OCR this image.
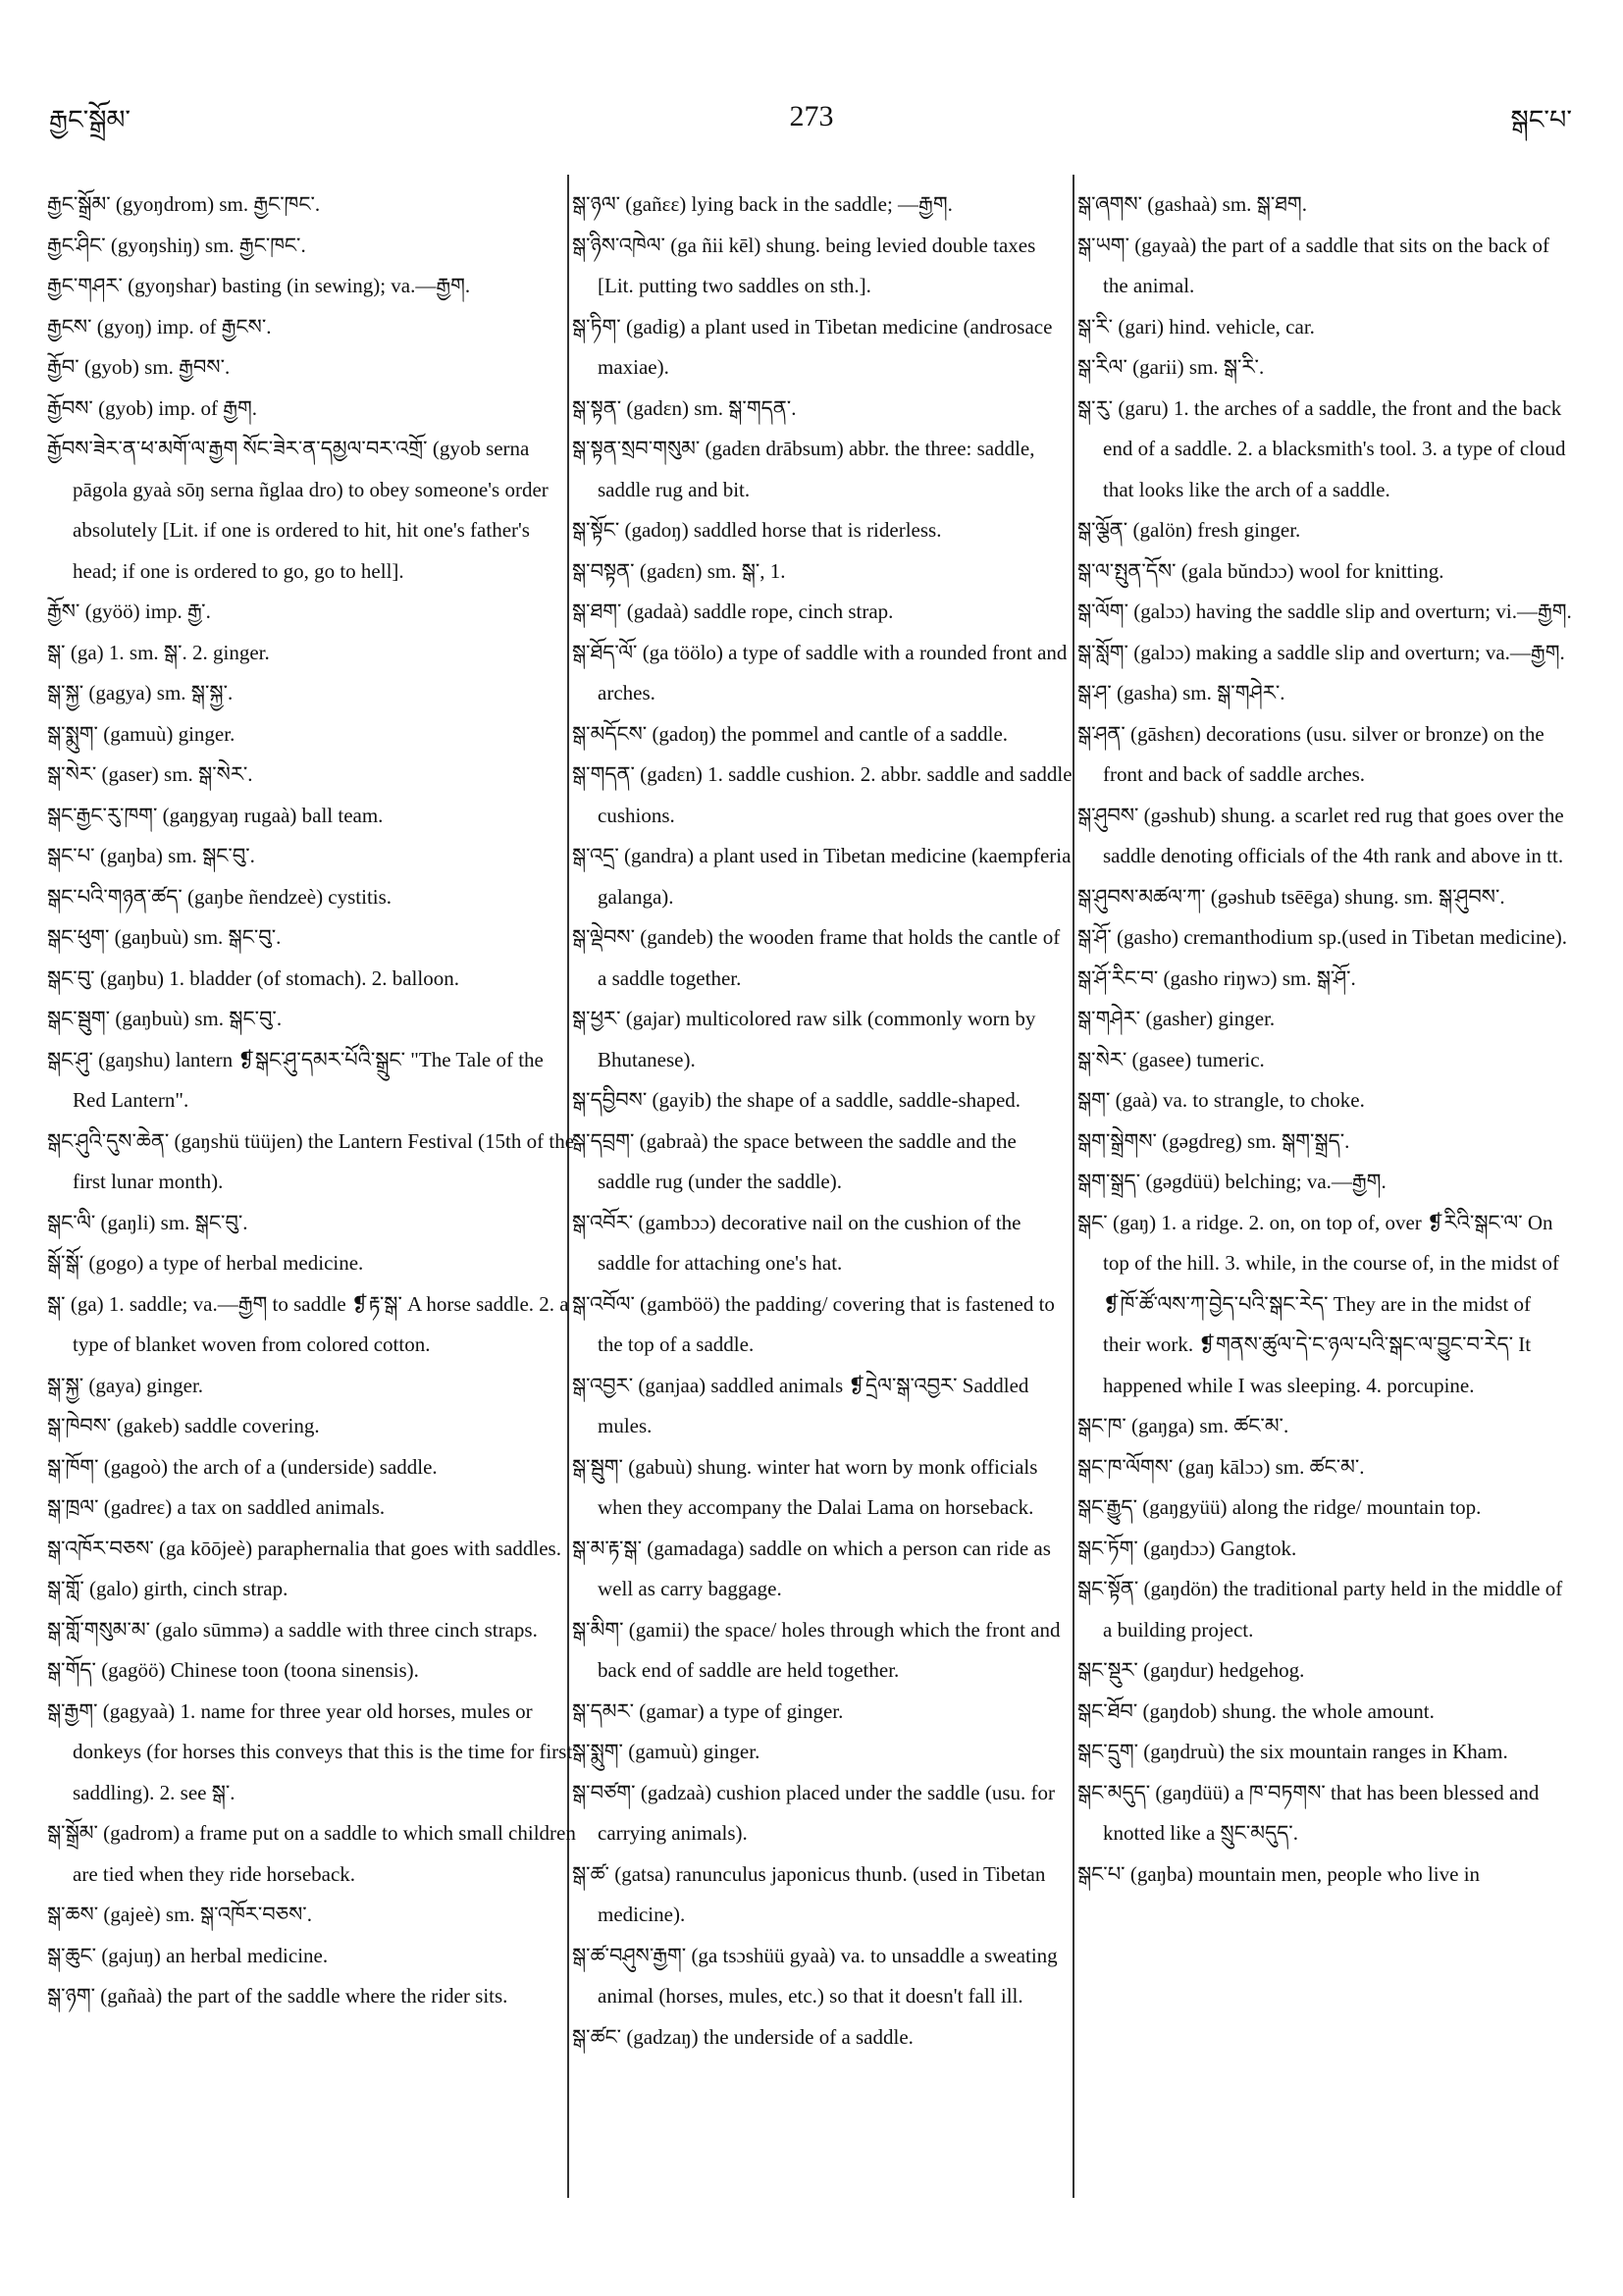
རྒྱང་སྒྲོམ་	273	སྒང་པ་

རྒྱང་སྒྲོམ་ (gyoŋdrom) sm. རྒྱང་ཁང་.

རྒྱང་ཤིང་ (gyoŋshiŋ) sm. རྒྱང་ཁང་.

རྒྱང་གཤར་ (gyoŋshar) basting (in sewing); va.—རྒྱག.

རྒྱངས་ (gyoŋ) imp. of རྒྱངས་.

རྒྱོབ་ (gyob) sm. རྒྱབས་.

རྒྱོབས་ (gyob) imp. of རྒྱག.

རྒྱོབས་ཟེར་ན་ཕ་མགོ་ལ་རྒྱག སོང་ཟེར་ན་དམྱལ་བར་འགྲོ་ (gyob serna pāgola gyaà sōŋ serna ñglaa dro) to obey someone's order absolutely [Lit. if one is ordered to hit, hit one's father's head; if one is ordered to go, go to hell].

རྒྱོས་ (gyöö) imp. རྒྱ་.

སྒ་ (ga) 1. sm. སྒ་. 2. ginger.

སྒ་སྐྱ་ (gagya) sm. སྒ་སྐྱ་.

སྒ་སྨུག་ (gamuù) ginger.

སྒ་སེར་ (gaser) sm. སྒ་སེར་.

སྒང་རྒྱང་རུ་ཁག་ (gaŋgyaŋ rugaà) ball team.

སྒང་པ་ (gaŋba) sm. སྒང་བུ་.

སྒང་པའི་གཉན་ཚད་ (gaŋbe ñendzeè) cystitis.

སྒང་ཕུག་ (gaŋbuù) sm. སྒང་བུ་.

སྒང་བུ་ (gaŋbu) 1. bladder (of stomach). 2. balloon.

སྒང་སྦུག་ (gaŋbuù) sm. སྒང་བུ་.

སྒང་ཤུ་ (gaŋshu) lantern ❡སྒང་ཤུ་དམར་པོའི་སྒྲུང་ "The Tale of the Red Lantern".

སྒང་ཤུའི་དུས་ཆེན་ (gaŋshü tüüjen) the Lantern Festival (15th of the first lunar month).

སྒང་ལི་ (gaŋli) sm. སྒང་བུ་.

སྒོ་སྒོ་ (gogo) a type of herbal medicine.

སྒ་ (ga) 1. saddle; va.—རྒྱག to saddle ❡རྟ་སྒ་ A horse saddle. 2. a type of blanket woven from colored cotton.

སྒ་སྐྱ་ (gaya) ginger.

སྒ་ཁེབས་ (gakeb) saddle covering.

སྒ་ཁོག་ (gagoò) the arch of a (underside) saddle.

སྒ་ཁྲལ་ (gadreɛ) a tax on saddled animals.

སྒ་འཁོར་བཅས་ (ga kōōjeè) paraphernalia that goes with saddles.

སྒ་གློ་ (galo) girth, cinch strap.

སྒ་གློ་གསུམ་མ་ (galo sūmmə) a saddle with three cinch straps.

སྒ་གོད་ (gagöö) Chinese toon (toona sinensis).

སྒ་རྒྱག་ (gagyaà) 1. name for three year old horses, mules or donkeys (for horses this conveys that this is the time for first saddling). 2. see སྒ་.

སྒ་སྒྲོམ་ (gadrom) a frame put on a saddle to which small children are tied when they ride horseback.

སྒ་ཆས་ (gajeè) sm. སྒ་འཁོར་བཅས་.

སྒ་ཆུང་ (gajuŋ) an herbal medicine.

སྒ་ཉག་ (gañaà) the part of the saddle where the rider sits.

སྒ་ཉལ་ (gañɛɛ) lying back in the saddle; —རྒྱག.

སྒ་ཉིས་འཁེལ་ (ga ñii kēl) shung. being levied double taxes [Lit. putting two saddles on sth.].

སྒ་ཏིག་ (gadig) a plant used in Tibetan medicine (androsace maxiae).

སྒ་སྟན་ (gadɛn) sm. སྒ་གདན་.

སྒ་སྟན་སྲབ་གསུམ་ (gadɛn drābsum) abbr. the three: saddle, saddle rug and bit.

སྒ་སྟོང་ (gadoŋ) saddled horse that is riderless.

སྒ་བསྟན་ (gadɛn) sm. སྒ་, 1.

སྒ་ཐག་ (gadaà) saddle rope, cinch strap.

སྒ་ཐོད་ལོ་ (ga töölo) a type of saddle with a rounded front and arches.

སྒ་མདོངས་ (gadoŋ) the pommel and cantle of a saddle.

སྒ་གདན་ (gadɛn) 1. saddle cushion. 2. abbr. saddle and saddle cushions.

སྒ་འདྲ་ (gandra) a plant used in Tibetan medicine (kaempferia galanga).

སྒ་ལྡེབས་ (gandeb) the wooden frame that holds the cantle of a saddle together.

སྒ་ཕྱར་ (gajar) multicolored raw silk (commonly worn by Bhutanese).

སྒ་དབྱིབས་ (gayib) the shape of a saddle, saddle-shaped.

སྒ་དབྲག་ (gabraà) the space between the saddle and the saddle rug (under the saddle).

སྒ་འབོར་ (gambɔɔ) decorative nail on the cushion of the saddle for attaching one's hat.

སྒ་འབོལ་ (gamböö) the padding/ covering that is fastened to the top of a saddle.

སྒ་འབྱར་ (ganjaa) saddled animals ❡དྲེལ་སྒ་འབྱར་ Saddled mules.

སྒ་སྦུག་ (gabuù) shung. winter hat worn by monk officials when they accompany the Dalai Lama on horseback.

སྒ་མ་རྟ་སྒ་ (gamadaga) saddle on which a person can ride as well as carry baggage.

སྒ་མིག་ (gamii) the space/ holes through which the front and back end of saddle are held together.

སྒ་དམར་ (gamar) a type of ginger.

སྒ་སྨུག་ (gamuù) ginger.

སྒ་བཙག་ (gadzaà) cushion placed under the saddle (usu. for carrying animals).

སྒ་ཚ་ (gatsa) ranunculus japonicus thunb. (used in Tibetan medicine).

སྒ་ཚ་བཤུས་རྒྱག་ (ga tsɔshüü gyaà) va. to unsaddle a sweating animal (horses, mules, etc.) so that it doesn't fall ill.

སྒ་ཚང་ (gadzaŋ) the underside of a saddle.

སྒ་ཞགས་ (gashaà) sm. སྒ་ཐག.

སྒ་ཡག་ (gayaà) the part of a saddle that sits on the back of the animal.

སྒ་རི་ (gari) hind. vehicle, car.

སྒ་རིལ་ (garii) sm. སྒ་རི་.

སྒ་རུ་ (garu) 1. the arches of a saddle, the front and the back end of a saddle. 2. a blacksmith's tool. 3. a type of cloud that looks like the arch of a saddle.

སྒ་ལྕོན་ (galön) fresh ginger.

སྒ་ལ་སྤུན་དོས་ (gala bŭndɔɔ) wool for knitting.

སྒ་ལོག་ (galɔɔ) having the saddle slip and overturn; vi.—རྒྱག.

སྒ་སློག་ (galɔɔ) making a saddle slip and overturn; va.—རྒྱག.

སྒ་ཤ་ (gasha) sm. སྒ་གཤེར་.

སྒ་ཤན་ (gāshɛn) decorations (usu. silver or bronze) on the front and back of saddle arches.

སྒ་ཤུབས་ (gəshub) shung. a scarlet red rug that goes over the saddle denoting officials of the 4th rank and above in tt.

སྒ་ཤུབས་མཚལ་ཀ་ (gəshub tsēēga) shung. sm. སྒ་ཤུབས་.

སྒ་ཤོ་ (gasho) cremanthodium sp.(used in Tibetan medicine).

སྒ་ཤོ་རིང་བ་ (gasho riŋwɔ) sm. སྒ་ཤོ་.

སྒ་གཤེར་ (gasher) ginger.

སྒ་སེར་ (gasee) tumeric.

སྒག་ (gaà) va. to strangle, to choke.

སྒག་སྒྲེགས་ (gəgdreg) sm. སྒག་སྒྲད་.

སྒག་སྒྲད་ (gəgdüü) belching; va.—རྒྱག.

སྒང་ (gaŋ) 1. a ridge. 2. on, on top of, over ❡རིའི་སྒང་ལ་ On top of the hill. 3. while, in the course of, in the midst of ❡ཁོ་ཚོ་ལས་ཀ་བྱེད་པའི་སྒང་རེད་ They are in the midst of their work. ❡གནས་ཚུལ་དེ་ང་ཉལ་པའི་སྒང་ལ་བྱུང་བ་རེད་ It happened while I was sleeping. 4. porcupine.

སྒང་ཁ་ (gaŋga) sm. ཚང་མ་.

སྒང་ཁ་ལོགས་ (gaŋ kālɔɔ) sm. ཚང་མ་.

སྒང་རྒྱུད་ (gaŋgyüü) along the ridge/ mountain top.

སྒང་ཏོག་ (gaŋdɔɔ) Gangtok.

སྒང་སྟོན་ (gaŋdön) the traditional party held in the middle of a building project.

སྒང་སྡུར་ (gaŋdur) hedgehog.

སྒང་ཐོབ་ (gaŋdob) shung. the whole amount.

སྒང་དྲུག་ (gaŋdruù) the six mountain ranges in Kham.

སྒང་མདུད་ (gaŋdüü) a ཁ་བཏགས་ that has been blessed and knotted like a སྲུང་མདུད་.

སྒང་པ་ (gaŋba) mountain men, people who live in
